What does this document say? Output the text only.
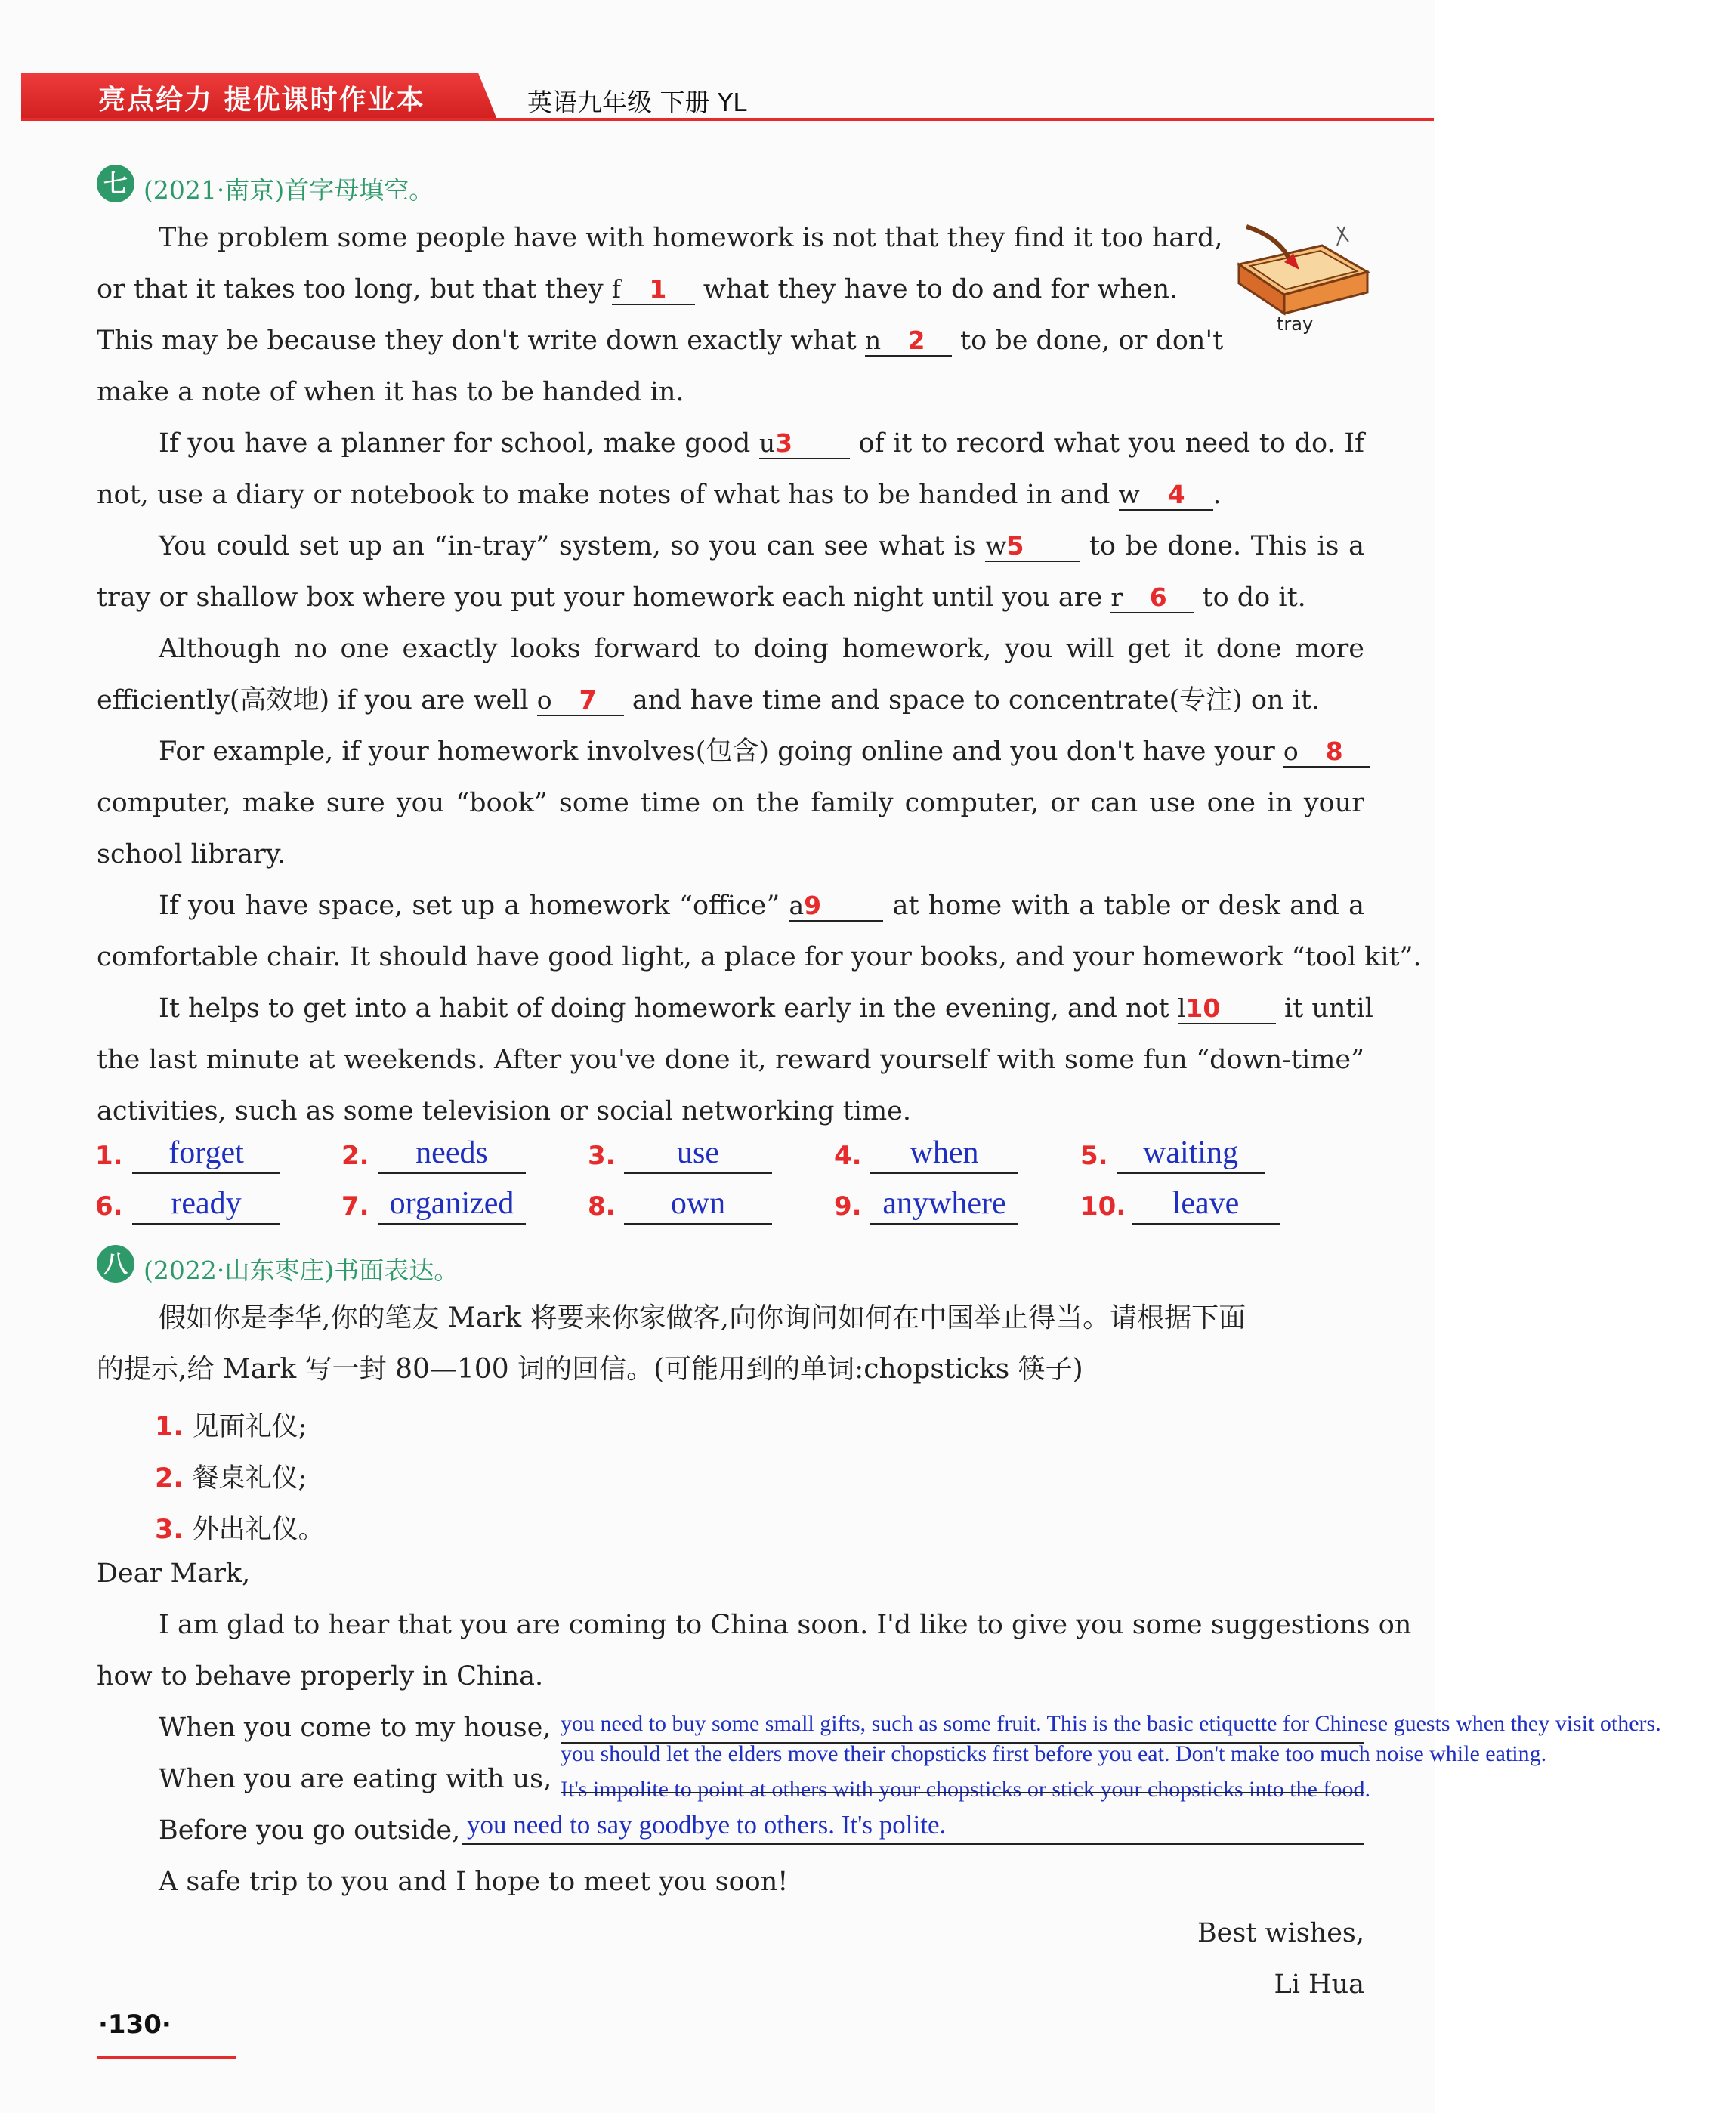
亮点给力 提优课时作业本	英语九年级 下册 YL
七 (2021·南京)首字母填空。
tray
The problem some people have with homework is not that they find it too hard,
or that it takes too long, but that they f 1 what they have to do and for when.
This may be because they don't write down exactly what n 2 to be done, or don't
make a note of when it has to be handed in.
If you have a planner for school, make good u 3 of it to record what you need to do. If
not, use a diary or notebook to make notes of what has to be handed in and w 4 .
You could set up an “in-tray” system, so you can see what is w 5 to be done. This is a
tray or shallow box where you put your homework each night until you are r 6 to do it.
Although no one exactly looks forward to doing homework, you will get it done more
efficiently(高效地) if you are well o 7 and have time and space to concentrate(专注) on it.
For example, if your homework involves(包含) going online and you don't have your o 8
computer, make sure you “book” some time on the family computer, or can use one in your
school library.
If you have space, set up a homework “office” a 9	at home with a table or desk and a
comfortable chair. It should have good light, a place for your books, and your homework “tool kit”.
It helps to get into a habit of doing homework early in the evening, and not l 10 it until
the last minute at weekends. After you've done it, reward yourself with some fun “down-time”
activities, such as some television or social networking time.
1.	forget	2.	needs	3.	use	4.	when	5.	waiting
6.	ready	7. organized	8.	own	9. anywhere	10.	leave
八 (2022·山东枣庄)书面表达。
假如你是李华,你的笔友 Mark 将要来你家做客,向你询问如何在中国举止得当。请根据下面
的提示,给 Mark 写一封 80—100 词的回信。(可能用到的单词:chopsticks 筷子)
1. 见面礼仪;
2. 餐桌礼仪;
3. 外出礼仪。
Dear Mark,
I am glad to hear that you are coming to China soon. I'd like to give you some suggestions on
how to behave properly in China.
When you come to my house, you need to buy some small gifts, such as some fruit. This is the basic etiquette for Chinese guests when they visit others.
you should let the elders move their chopsticks first before you eat. Don't make too much noise while eating.
When you are eating with us, It's impolite to point at others with your chopsticks or stick your chopsticks into the food.
Before you go outside, you need to say goodbye to others. It's polite.
A safe trip to you and I hope to meet you soon!
Best wishes,
Li Hua
·130·
